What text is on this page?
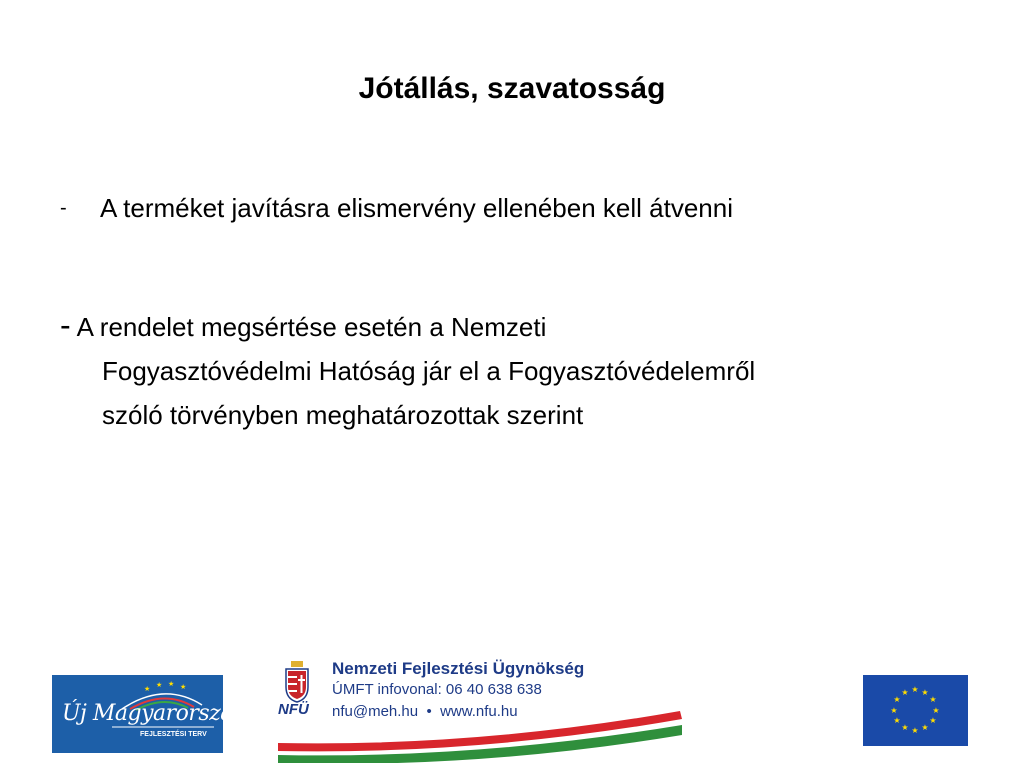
Jótállás, szavatosság
- A terméket javításra elismervény ellenében kell átvenni
- A rendelet megsértése esetén a Nemzeti
Fogyasztóvédelmi Hatóság jár el a Fogyasztóvédelemről
szóló törvényben meghatározottak szerint
★
★ ★ ★
Új Magyarország
FEJLESZTÉSI TERV
NFÜ
Nemzeti Fejlesztési Ügynökség
ÚMFT infovonal: 06 40 638 638
nfu@meh.hu • www.nfu.hu
★ ★
★
★
★
★
★
★
★
★
★
★
